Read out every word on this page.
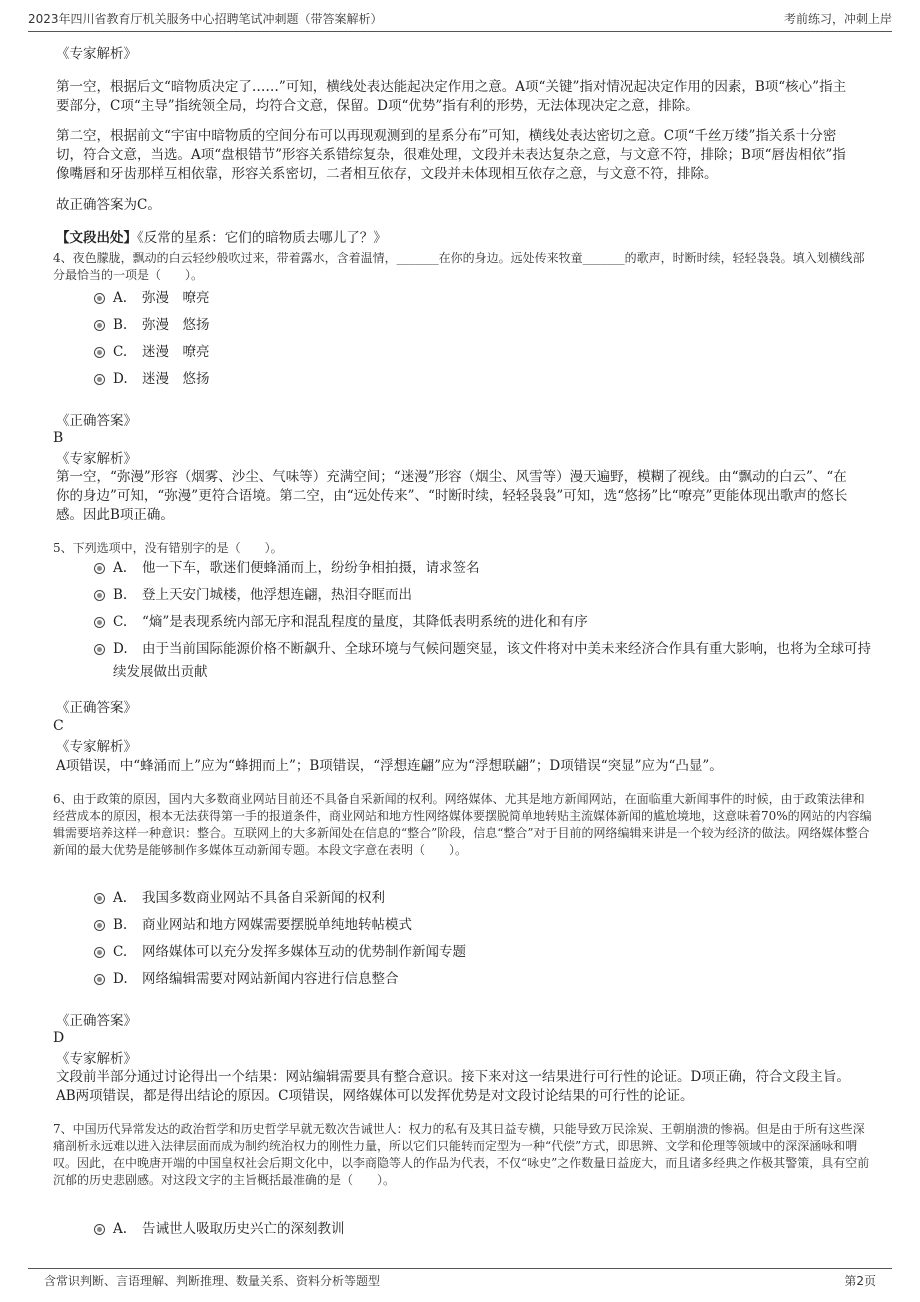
2023年四川省教育厅机关服务中心招聘笔试冲刺题（带答案解析）	考前练习，冲刺上岸
《专家解析》

第一空，根据后文“暗物质决定了……”可知，横线处表达能起决定作用之意。A项“关键”指对情况起决定作用的因素，B项“核心”指主要部分，C项“主导”指统领全局，均符合文意，保留。D项“优势”指有利的形势，无法体现决定之意，排除。

第二空，根据前文“宇宙中暗物质的空间分布可以再现观测到的星系分布”可知，横线处表达密切之意。C项“千丝万缕”指关系十分密切，符合文意，当选。A项“盘根错节”形容关系错综复杂，很难处理，文段并未表达复杂之意，与文意不符，排除；B项“唇齿相依”指像嘴唇和牙齿那样互相依靠，形容关系密切，二者相互依存，文段并未体现相互依存之意，与文意不符，排除。

故正确答案为C。
【文段出处】《反常的星系：它们的暗物质去哪儿了？》

4、夜色朦胧，飘动的白云轻纱般吹过来，带着露水，含着温情，_______在你的身边。远处传来牧童_______的歌声，时断时续，轻轻袅袅。填入划横线部分最恰当的一项是（　　）。

A. 弥漫　嘹亮
B. 弥漫　悠扬
C. 迷漫　嘹亮
D. 迷漫　悠扬
《正确答案》
B
《专家解析》

第一空，“弥漫”形容（烟雾、沙尘、气味等）充满空间；“迷漫”形容（烟尘、风雪等）漫天遍野，模糊了视线。由“飘动的白云”、“在你的身边”可知，“弥漫”更符合语境。第二空，由“远处传来”、“时断时续，轻轻袅袅”可知，选“悠扬”比“嘹亮”更能体现出歌声的悠长感。因此B项正确。

5、下列选项中，没有错别字的是（　　）。

A. 他一下车，歌迷们便蜂涌而上，纷纷争相拍摄，请求签名
B. 登上天安门城楼，他浮想连翩，热泪夺眶而出
C. “熵”是表现系统内部无序和混乱程度的量度，其降低表明系统的进化和有序
D. 由于当前国际能源价格不断飙升、全球环境与气候问题突显，该文件将对中美未来经济合作具有重大影响，也将为全球可持续发展做出贡献
《正确答案》
C
《专家解析》

A项错误，中“蜂涌而上”应为“蜂拥而上”；B项错误，“浮想连翩”应为“浮想联翩”；D项错误“突显”应为“凸显”。

6、由于政策的原因，国内大多数商业网站目前还不具备自采新闻的权利。网络媒体、尤其是地方新闻网站，在面临重大新闻事件的时候，由于政策法律和经营成本的原因，根本无法获得第一手的报道条件，商业网站和地方性网络媒体要摆脱简单地转贴主流媒体新闻的尴尬境地，这意味着70%的网站的内容编辑需要培养这样一种意识：整合。互联网上的大多新闻处在信息的“整合”阶段，信息“整合”对于目前的网络编辑来讲是一个较为经济的做法。网络媒体整合新闻的最大优势是能够制作多媒体互动新闻专题。本段文字意在表明（　　）。

A. 我国多数商业网站不具备自采新闻的权利
B. 商业网站和地方网媒需要摆脱单纯地转帖模式
C. 网络媒体可以充分发挥多媒体互动的优势制作新闻专题
D. 网络编辑需要对网站新闻内容进行信息整合
《正确答案》
D
《专家解析》

文段前半部分通过讨论得出一个结果：网站编辑需要具有整合意识。接下来对这一结果进行可行性的论证。D项正确，符合文段主旨。AB两项错误，都是得出结论的原因。C项错误，网络媒体可以发挥优势是对文段讨论结果的可行性的论证。

7、中国历代异常发达的政治哲学和历史哲学早就无数次告诫世人：权力的私有及其日益专横，只能导致万民涂炭、王朝崩溃的惨祸。但是由于所有这些深痛剖析永远难以进入法律层面而成为制约统治权力的刚性力量，所以它们只能转而定型为一种“代偿”方式，即思辨、文学和伦理等领域中的深深涵咏和喟叹。因此，在中晚唐开端的中国皇权社会后期文化中，以李商隐等人的作品为代表，不仅“咏史”之作数量日益庞大，而且诸多经典之作极其警策，具有空前沉郁的历史悲剧感。对这段文字的主旨概括最准确的是（　　）。

A. 告诫世人吸取历史兴亡的深刻教训
含常识判断、言语理解、判断推理、数量关系、资料分析等题型	第2页
